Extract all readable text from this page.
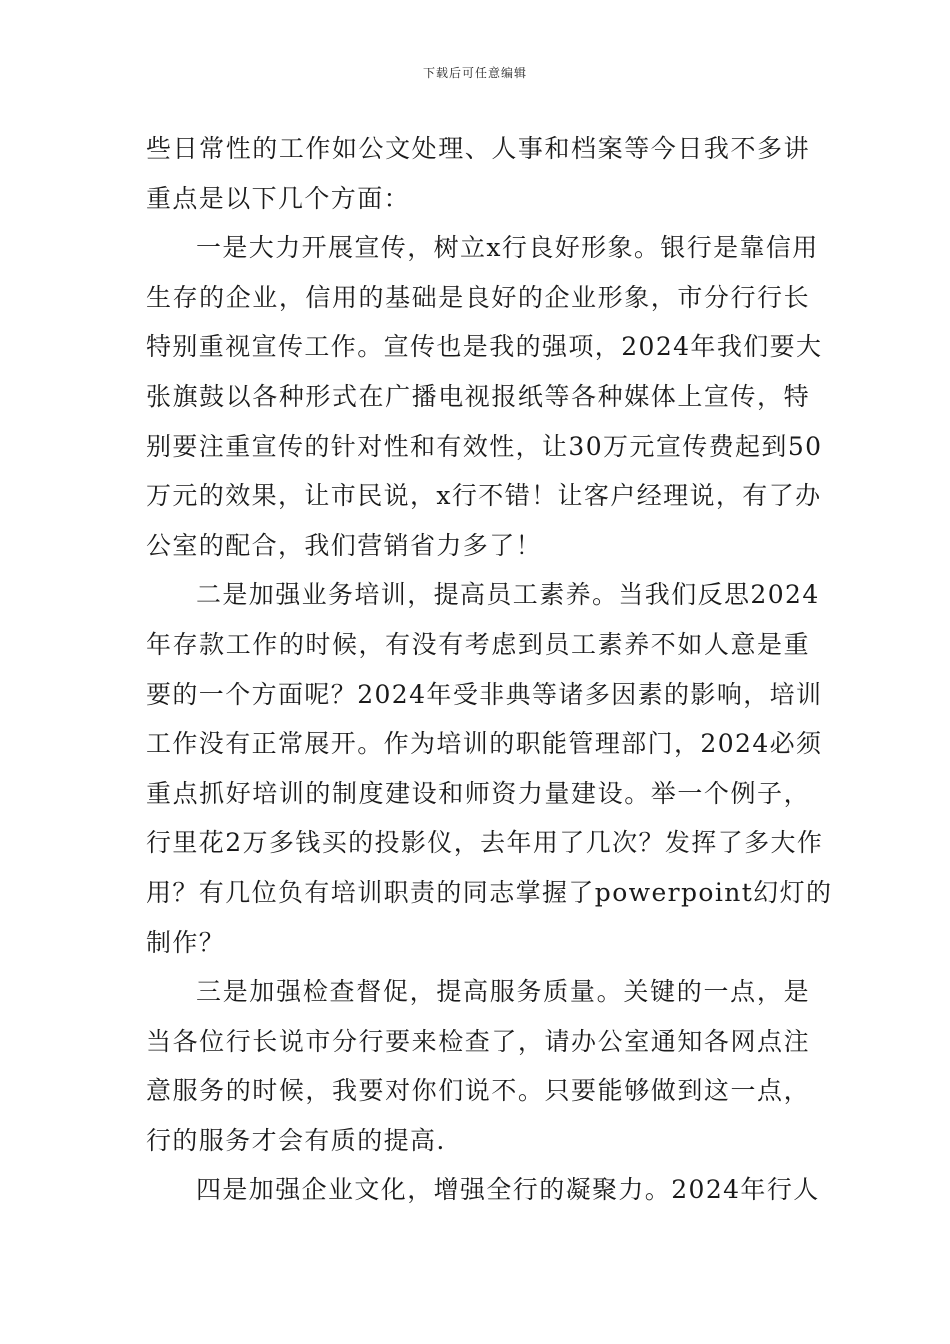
下载后可任意编辑
些日常性的工作如公文处理、人事和档案等今日我不多讲
重点是以下几个方面：
一是大力开展宣传，树立x行良好形象。银行是靠信用
生存的企业，信用的基础是良好的企业形象，市分行行长
特别重视宣传工作。宣传也是我的强项，2024年我们要大
张旗鼓以各种形式在广播电视报纸等各种媒体上宣传，特
别要注重宣传的针对性和有效性，让30万元宣传费起到50
万元的效果，让市民说，x行不错！让客户经理说，有了办
公室的配合，我们营销省力多了！
二是加强业务培训，提高员工素养。当我们反思2024
年存款工作的时候，有没有考虑到员工素养不如人意是重
要的一个方面呢？2024年受非典等诸多因素的影响，培训
工作没有正常展开。作为培训的职能管理部门，2024必须
重点抓好培训的制度建设和师资力量建设。举一个例子，
行里花2万多钱买的投影仪，去年用了几次？发挥了多大作
用？有几位负有培训职责的同志掌握了powerpoint幻灯的
制作？
三是加强检查督促，提高服务质量。关键的一点，是
当各位行长说市分行要来检查了，请办公室通知各网点注
意服务的时候，我要对你们说不。只要能够做到这一点，
行的服务才会有质的提高.
四是加强企业文化，增强全行的凝聚力。2024年行人
